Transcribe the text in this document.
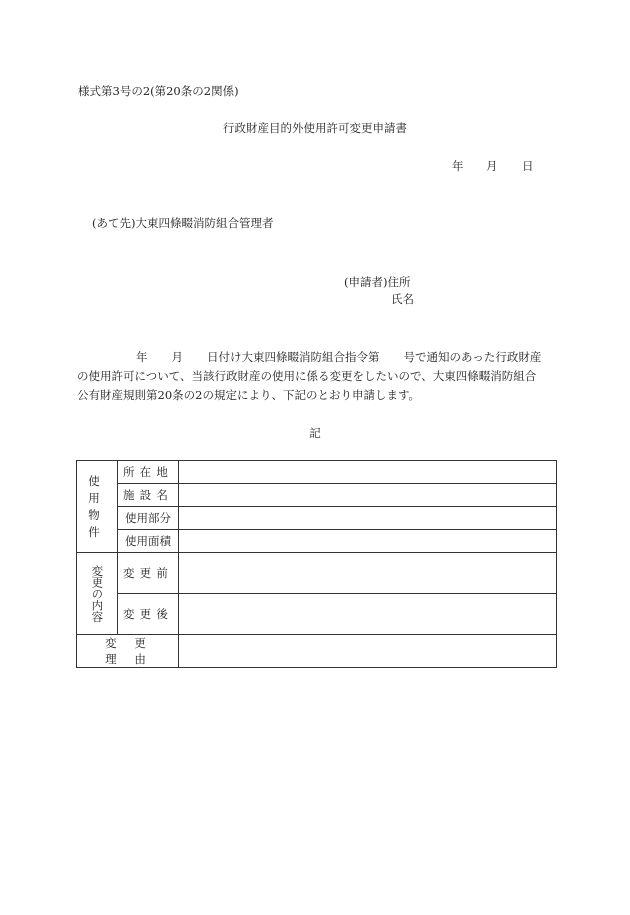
様式第3号の2(第20条の2関係)
行政財産目的外使用許可変更申請書
年 月 日
(あて先)大東四條畷消防組合管理者
(申請者)住所
氏名
年 月 日付け大東四條畷消防組合指令第 号で通知のあった行政財産
の使用許可について、当該行政財産の使用に係る変更をしたいので、大東四條畷消防組合
公有財産規則第20条の2の規定により、下記のとおり申請します。
記
使用物件	所在地	
	施設名	
	使用部分	
	使用面積	

変更の内容	変更前	
	変更後	
変更理由		
